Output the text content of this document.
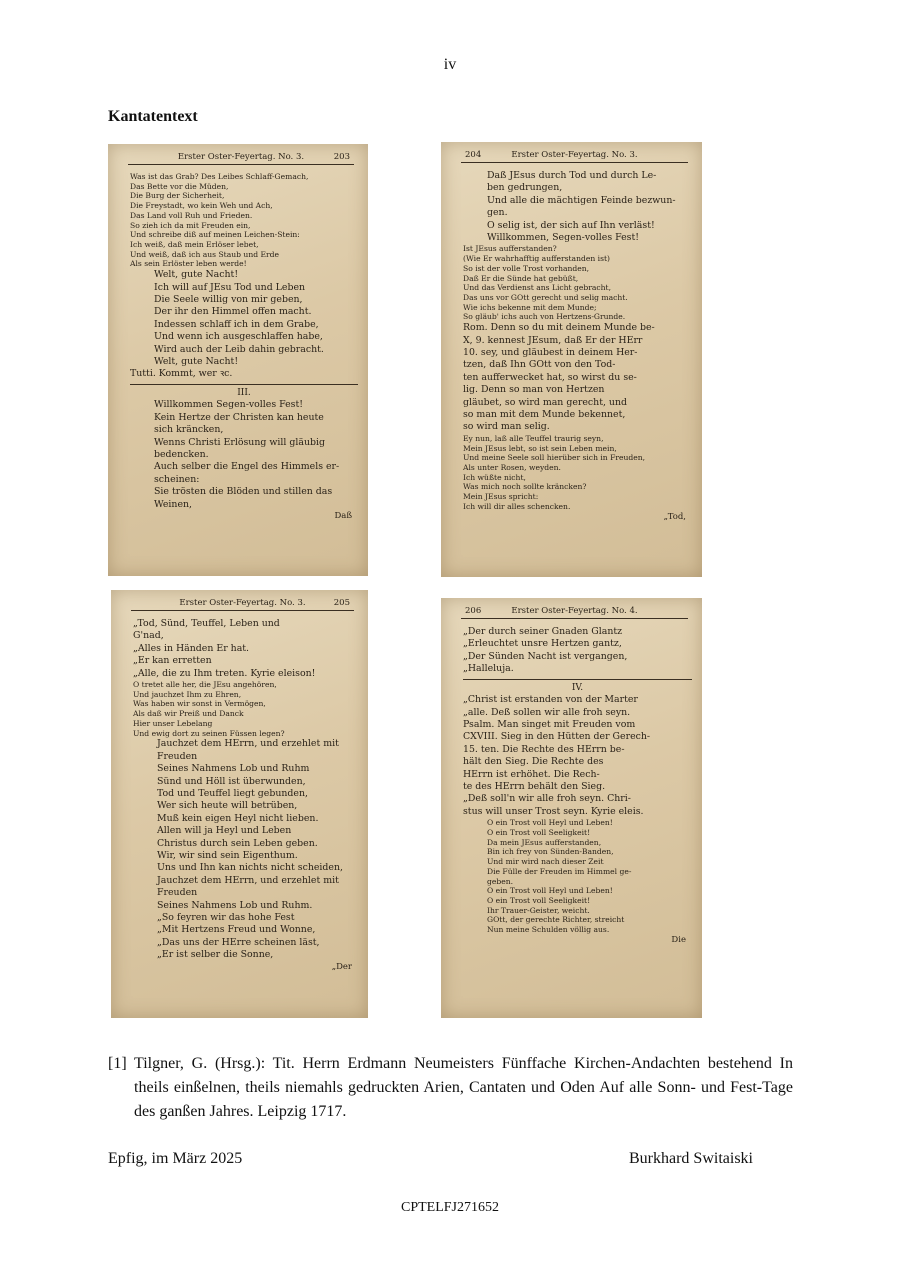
iv
Kantatentext
Erster Oster-Feyertag. No. 3.	203
Was ist das Grab? Des Leibes Schlaff-Gemach,
Das Bette vor die Müden,
Die Burg der Sicherheit,
Die Freystadt, wo kein Weh und Ach,
Das Land voll Ruh und Frieden.
So zieh ich da mit Freuden ein,
Und schreibe diß auf meinen Leichen-Stein:
Ich weiß, daß mein Erlöser lebet,
Und weiß, daß ich aus Staub und Erde
Als sein Erlöster leben werde!
Welt, gute Nacht!
Ich will auf JEsu Tod und Leben
Die Seele willig von mir geben,
Der ihr den Himmel offen macht.
Indessen schlaff ich in dem Grabe,
Und wenn ich ausgeschlaffen habe,
Wird auch der Leib dahin gebracht.
Welt, gute Nacht!
Tutti. Kommt, wer ꝛc.
III.
Willkommen Segen-volles Fest!
Kein Hertze der Christen kan heute
sich kräncken,
Wenns Christi Erlösung will gläubig
bedencken.
Auch selber die Engel des Himmels er-
scheinen:
Sie trösten die Blöden und stillen das
Weinen,
Daß
204	Erster Oster-Feyertag. No. 3.
Daß JEsus durch Tod und durch Le-
ben gedrungen,
Und alle die mächtigen Feinde bezwun-
gen.
O selig ist, der sich auf Ihn verläst!
Willkommen, Segen-volles Fest!
Ist JEsus aufferstanden?
(Wie Er wahrhafftig aufferstanden ist)
So ist der volle Trost vorhanden,
Daß Er die Sünde hat gebüßt,
Und das Verdienst ans Licht gebracht,
Das uns vor GOtt gerecht und selig macht.
Wie ichs bekenne mit dem Munde;
So gläub' ichs auch von Hertzens-Grunde.
Rom. Denn so du mit deinem Munde be-
X, 9. kennest JEsum, daß Er der HErr
10. sey, und gläubest in deinem Her-
tzen, daß Ihn GOtt von den Tod-
ten aufferwecket hat, so wirst du se-
lig. Denn so man von Hertzen
gläubet, so wird man gerecht, und
so man mit dem Munde bekennet,
so wird man selig.
Ey nun, laß alle Teuffel traurig seyn,
Mein JEsus lebt, so ist sein Leben mein,
Und meine Seele soll hierüber sich in Freuden,
Als unter Rosen, weyden.
Ich wüßte nicht,
Was mich noch sollte kräncken?
Mein JEsus spricht:
Ich will dir alles schencken.
„Tod,
Erster Oster-Feyertag. No. 3.	205
„Tod, Sünd, Teuffel, Leben und
G'nad,
„Alles in Händen Er hat.
„Er kan erretten
„Alle, die zu Ihm treten. Kyrie eleison!
O tretet alle her, die JEsu angehören,
Und jauchzet Ihm zu Ehren,
Was haben wir sonst in Vermögen,
Als daß wir Preiß und Danck
Hier unser Lebelang
Und ewig dort zu seinen Füssen legen?
Jauchzet dem HErrn, und erzehlet mit
Freuden
Seines Nahmens Lob und Ruhm
Sünd und Höll ist überwunden,
Tod und Teuffel liegt gebunden,
Wer sich heute will betrüben,
Muß kein eigen Heyl nicht lieben.
Allen will ja Heyl und Leben
Christus durch sein Leben geben.
Wir, wir sind sein Eigenthum.
Uns und Ihn kan nichts nicht scheiden,
Jauchzet dem HErrn, und erzehlet mit
Freuden
Seines Nahmens Lob und Ruhm.
„So feyren wir das hohe Fest
„Mit Hertzens Freud und Wonne,
„Das uns der HErre scheinen läst,
„Er ist selber die Sonne,
„Der
206	Erster Oster-Feyertag. No. 4.
„Der durch seiner Gnaden Glantz
„Erleuchtet unsre Hertzen gantz,
„Der Sünden Nacht ist vergangen,
„Halleluja.
IV.
„Christ ist erstanden von der Marter
„alle. Deß sollen wir alle froh seyn.
Psalm. Man singet mit Freuden vom
CXVIII. Sieg in den Hütten der Gerech-
15. ten. Die Rechte des HErrn be-
hält den Sieg. Die Rechte des
HErrn ist erhöhet. Die Rech-
te des HErrn behält den Sieg.
„Deß soll'n wir alle froh seyn. Chri-
stus will unser Trost seyn. Kyrie eleis.
O ein Trost voll Heyl und Leben!
O ein Trost voll Seeligkeit!
Da mein JEsus aufferstanden,
Bin ich frey von Sünden-Banden,
Und mir wird nach dieser Zeit
Die Fülle der Freuden im Himmel ge-
geben.
O ein Trost voll Heyl und Leben!
O ein Trost voll Seeligkeit!
Ihr Trauer-Geister, weicht.
GOtt, der gerechte Richter, streicht
Nun meine Schulden völlig aus.
Die
[1] Tilgner, G. (Hrsg.): Tit. Herrn Erdmann Neumeisters Fünffache Kirchen-Andachten bestehend In theils einßelnen, theils niemahls gedruckten Arien, Cantaten und Oden Auf alle Sonn- und Fest-Tage des ganßen Jahres. Leipzig 1717.
Epfig, im März 2025	Burkhard Switaiski
CPTELFJ271652
